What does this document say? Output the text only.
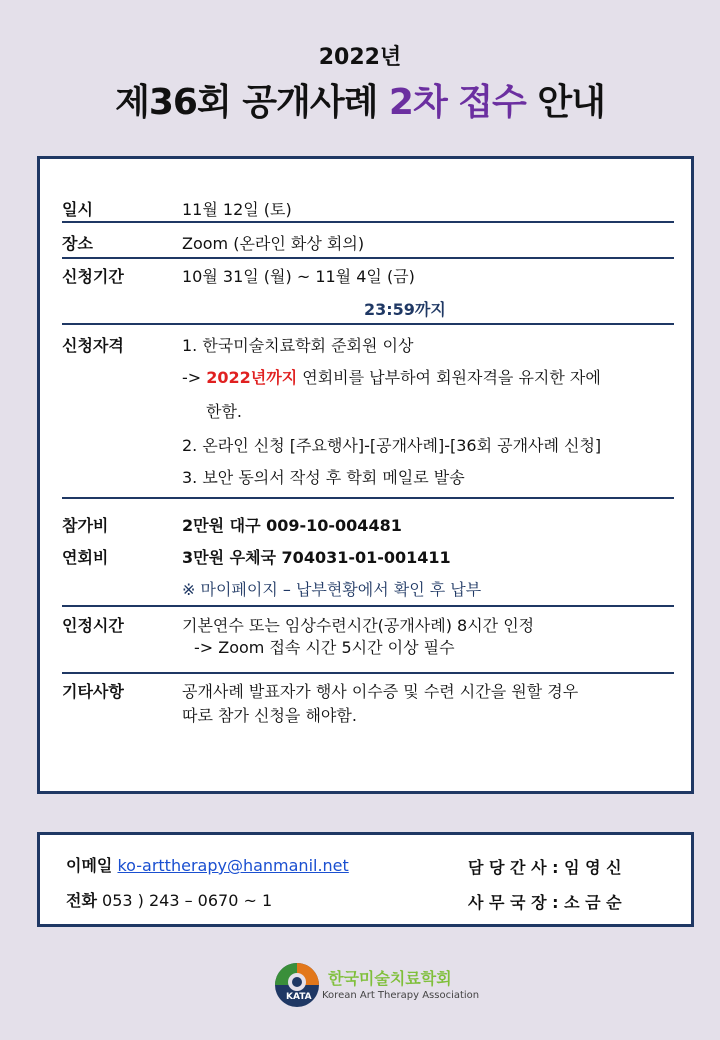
2022년
제36회 공개사례 2차 접수 안내
일시	11월 12일 (토)
장소	Zoom (온라인 화상 회의)
신청기간	10월 31일 (월) ~ 11월 4일 (금)
23:59까지
신청자격	1. 한국미술치료학회 준회원 이상
-> 2022년까지 연회비를 납부하여 회원자격을 유지한 자에
한함.
2. 온라인 신청 [주요행사]-[공개사례]-[36회 공개사례 신청]
3. 보안 동의서 작성 후 학회 메일로 발송
참가비	2만원 대구 009-10-004481
연회비	3만원 우체국 704031-01-001411
※ 마이페이지 – 납부현황에서 확인 후 납부
인정시간	기본연수 또는 임상수련시간(공개사례) 8시간 인정
-> Zoom 접속 시간 5시간 이상 필수
기타사항	공개사례 발표자가 행사 이수증 및 수련 시간을 원할 경우
따로 참가 신청을 해야함.
이메일 ko-arttherapy@hanmanil.net
전화 053 ) 243 – 0670 ~ 1
담 당 간 사 : 임 영 신
사 무 국 장 : 소 금 순
KATA
한국미술치료학회
Korean Art Therapy Association
